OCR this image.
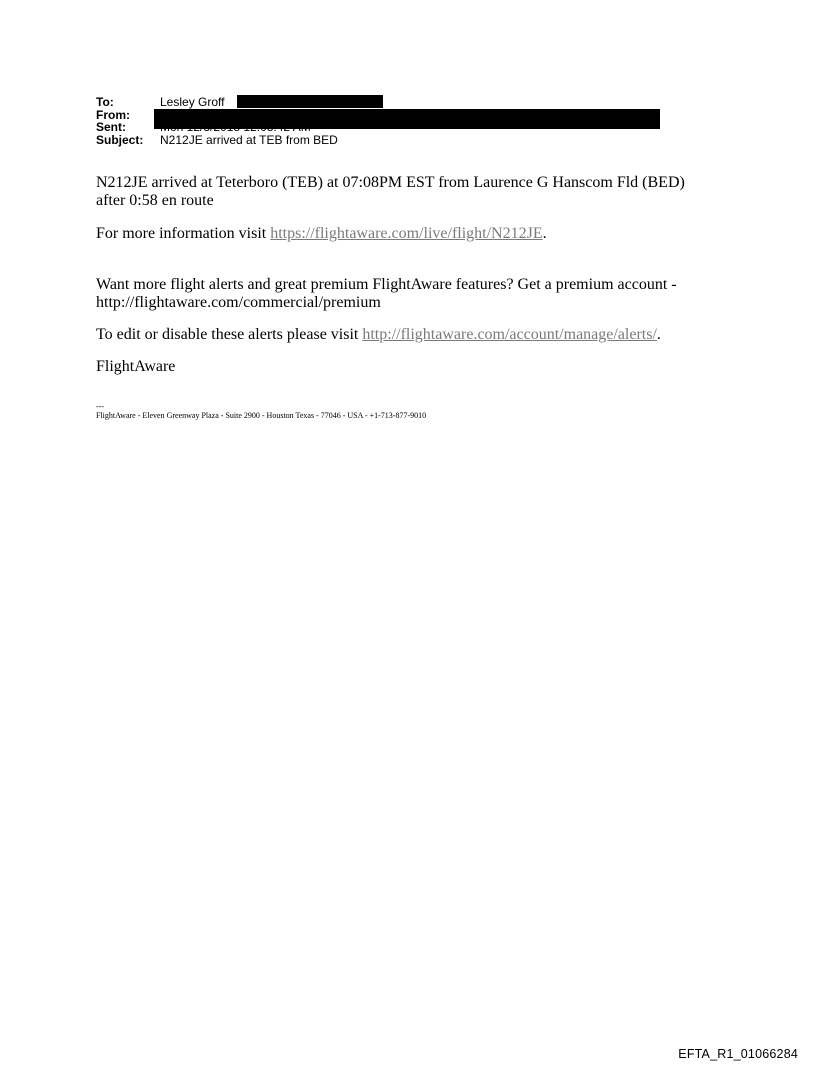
To:	Lesley Groff
From:
Sent:
Subject: N212JE arrived at TEB from BED

N212JE arrived at Teterboro (TEB) at 07:08PM EST from Laurence G Hanscom Fld (BED) after 0:58 en route

For more information visit https://flightaware.com/live/flight/N212JE.

Want more flight alerts and great premium FlightAware features? Get a premium account - http://flightaware.com/commercial/premium

To edit or disable these alerts please visit http://flightaware.com/account/manage/alerts/.

FlightAware

---
FlightAware - Eleven Greenway Plaza - Suite 2900 - Houston Texas - 77046 - USA - +1-713-877-9010
EFTA_R1_01066284
